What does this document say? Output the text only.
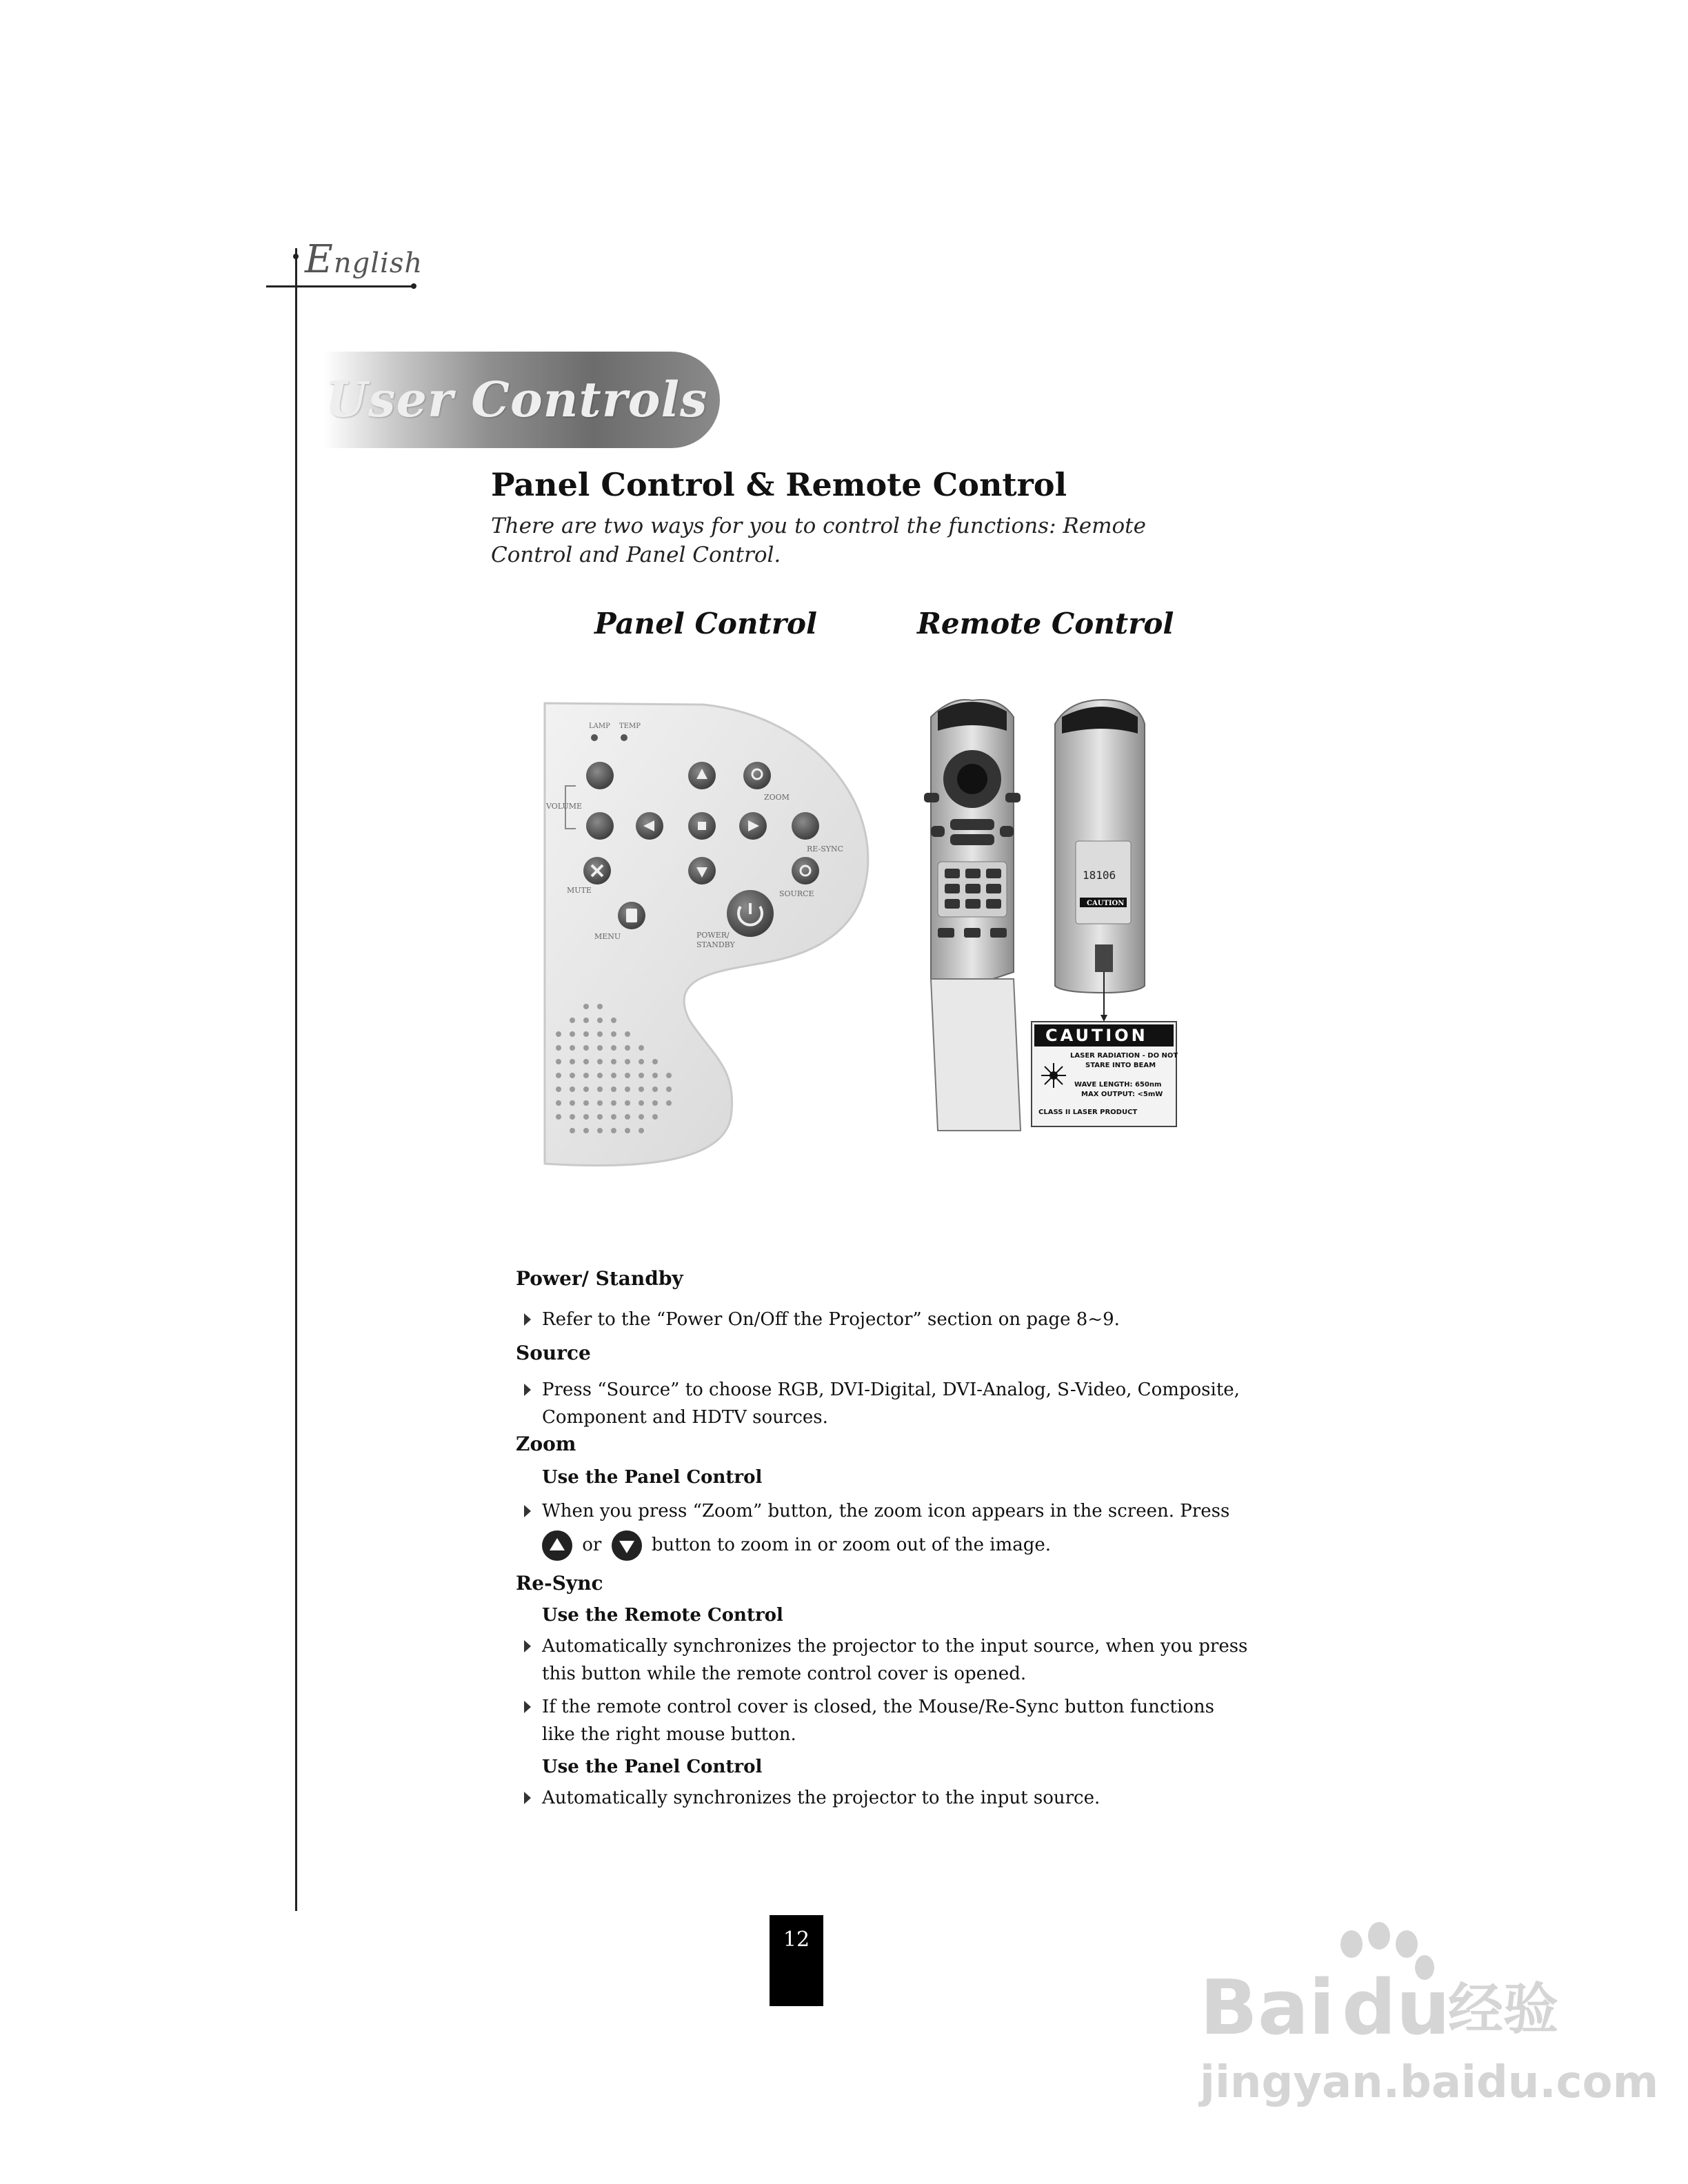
English
User Controls
Panel Control & Remote Control
There are two ways for you to control the functions: Remote Control and Panel Control.
Panel Control	Remote Control
LAMP TEMP
VOLUME
ZOOM
RE-SYNC
MUTE	SOURCE
MENU	POWER/
STANDBY
18106
CAUTION
CAUTION
LASER RADIATION - DO NOT
STARE INTO BEAM
WAVE LENGTH: 650nm
MAX OUTPUT: <5mW
CLASS II LASER PRODUCT
Power/ Standby
Refer to the “Power On/Off the Projector” section on page 8~9.
Source
Press “Source” to choose RGB, DVI-Digital, DVI-Analog, S-Video, Composite,
Component and HDTV sources.
Zoom
Use the Panel Control
When you press “Zoom” button, the zoom icon appears in the screen. Press
or	button to zoom in or zoom out of the image.
Re-Sync
Use the Remote Control
Automatically synchronizes the projector to the input source, when you press
this button while the remote control cover is opened.
If the remote control cover is closed, the Mouse/Re-Sync button functions
like the right mouse button.
Use the Panel Control
Automatically synchronizes the projector to the input source.
12
Bai du
经验
jingyan.baidu.com
